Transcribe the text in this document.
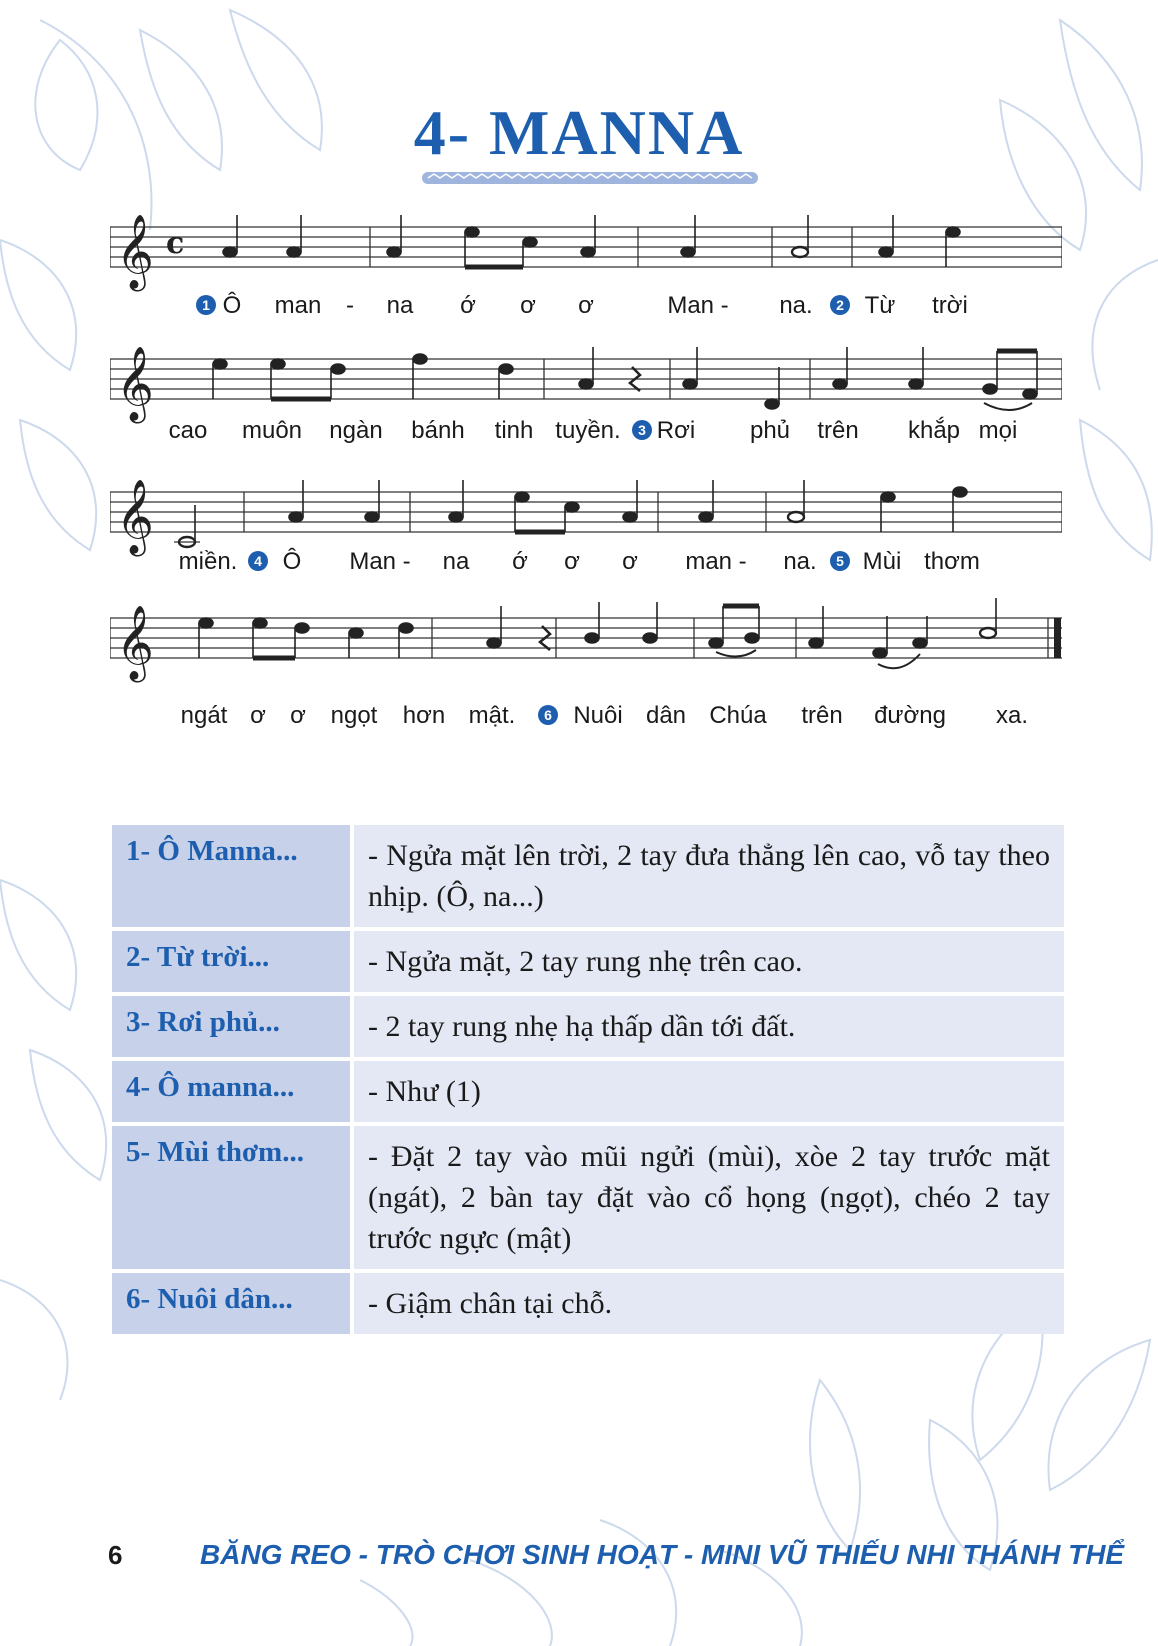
4- MANNA
𝄞 c
1 Ô man - na ớ ơ ơ	Man - na.	2 Từ trời
𝄞
cao muôn ngàn bánh tinh tuyền.	3 Rơi phủ trên khắp mọi
𝄞
miền.	4 Ô Man - na ớ ơ ơ man - na.	5 Mùi thơm
𝄞
ngát ơ ơ ngọt hơn mật.	6 Nuôi dân Chúa trên đường xa.
1- Ô Manna...	- Ngửa mặt lên trời, 2 tay đưa thẳng lên cao, vỗ tay theo nhịp. (Ô, na...)
2- Từ trời...	- Ngửa mặt, 2 tay rung nhẹ trên cao.
3- Rơi phủ...	- 2 tay rung nhẹ hạ thấp dần tới đất.
4- Ô manna...	- Như (1)
5- Mùi thơm...	- Đặt 2 tay vào mũi ngửi (mùi), xòe 2 tay trước mặt (ngát), 2 bàn tay đặt vào cổ họng (ngọt), chéo 2 tay trước ngực (mật)
6- Nuôi dân...	- Giậm chân tại chỗ.
6	BĂNG REO - TRÒ CHƠI SINH HOẠT - MINI VŨ THIẾU NHI THÁNH THỂ
